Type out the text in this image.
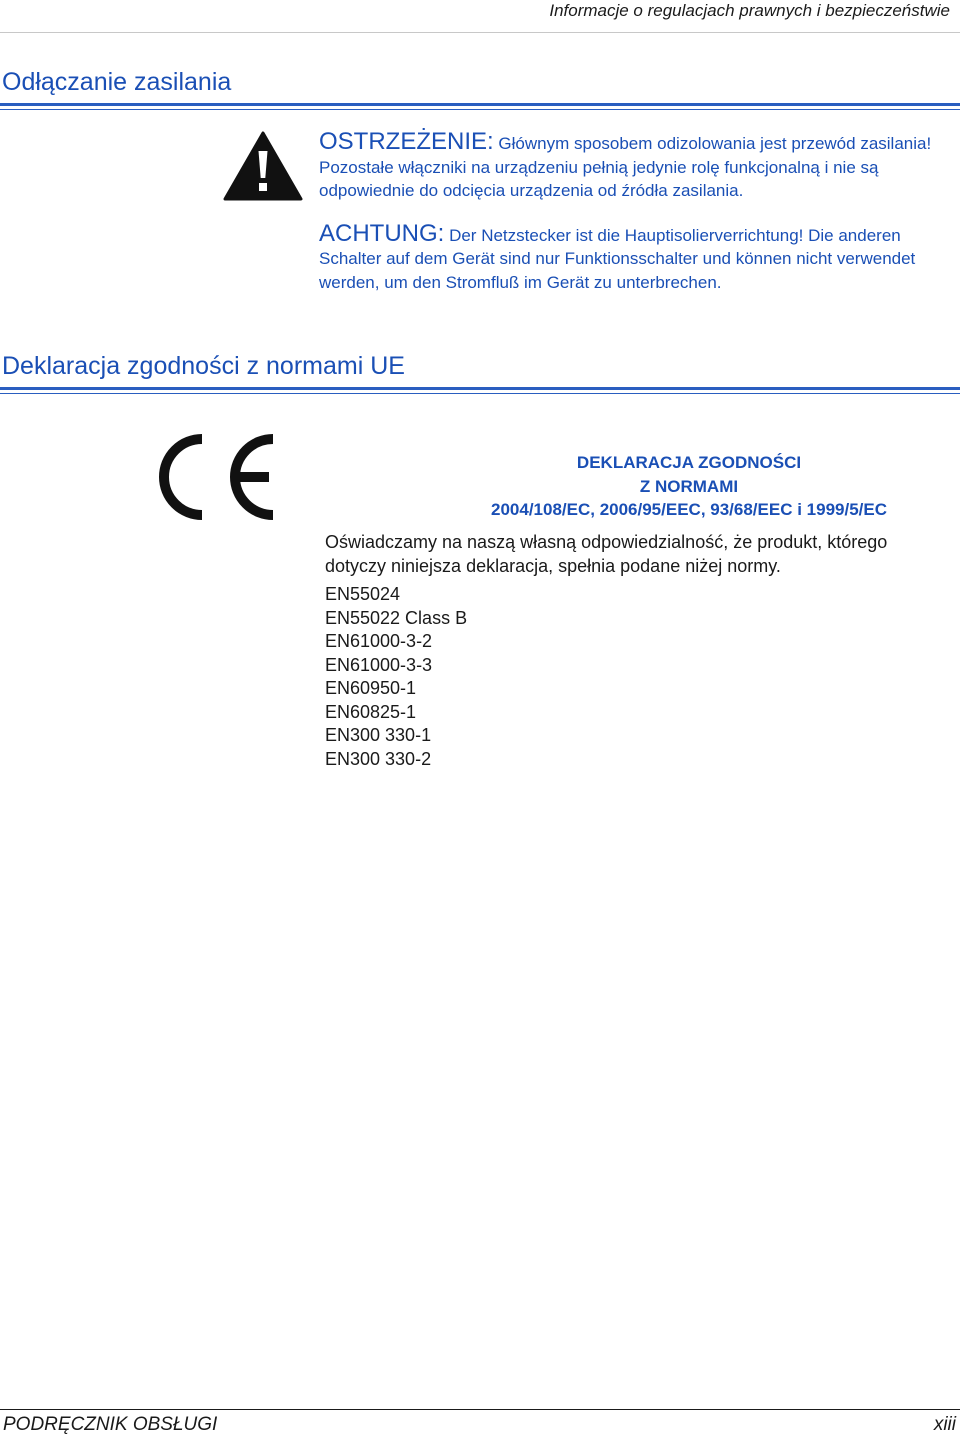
Informacje o regulacjach prawnych i bezpieczeństwie
Odłączanie zasilania

OSTRZEŻENIE: Głównym sposobem odizolowania jest przewód zasilania! Pozostałe włączniki na urządzeniu pełnią jedynie rolę funkcjonalną i nie są odpowiednie do odcięcia urządzenia od źródła zasilania.

ACHTUNG: Der Netzstecker ist die Hauptisolierverrichtung! Die anderen Schalter auf dem Gerät sind nur Funktionsschalter und können nicht verwendet werden, um den Stromfluß im Gerät zu unterbrechen.

Deklaracja zgodności z normami UE
DEKLARACJA ZGODNOŚCI
Z NORMAMI
2004/108/EC, 2006/95/EEC, 93/68/EEC i 1999/5/EC

Oświadczamy na naszą własną odpowiedzialność, że produkt, którego dotyczy niniejsza deklaracja, spełnia podane niżej normy.

EN55024
EN55022 Class B
EN61000-3-2
EN61000-3-3
EN60950-1
EN60825-1
EN300 330-1
EN300 330-2
PODRĘCZNIK OBSŁUGI	xiii
